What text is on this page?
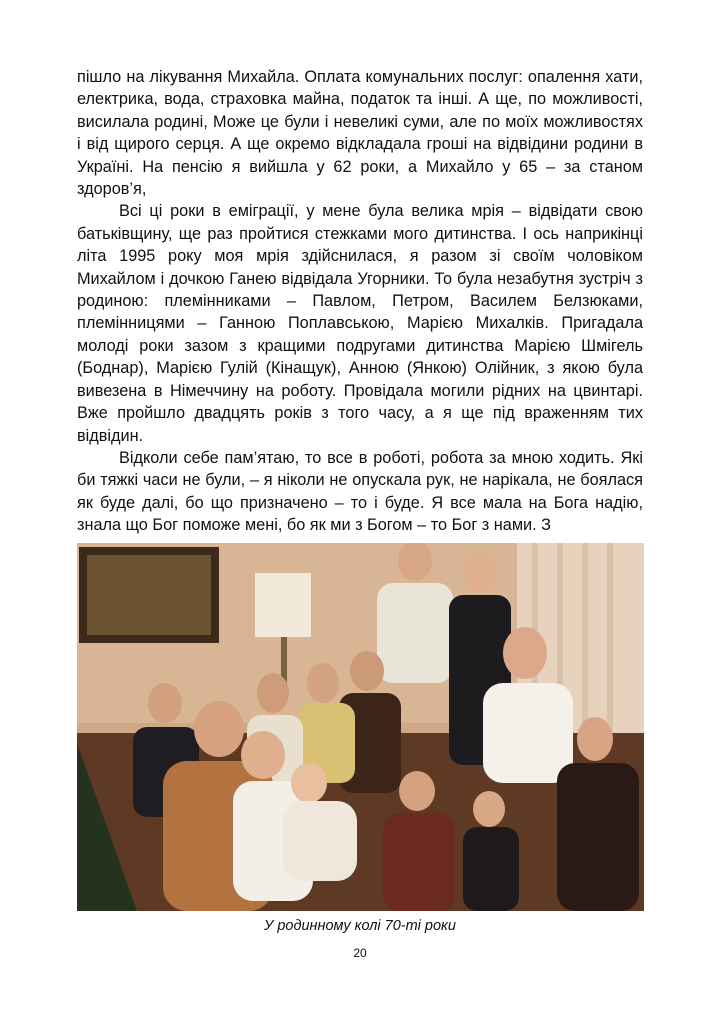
пішло на лікування Михайла. Оплата комунальних послуг: опалення хати, електрика, вода, страховка майна, податок та інші. А ще, по можливості, висилала родині, Може це були і невеликі суми, але по моїх можливостях і від щирого серця. А ще окремо відкладала гроші на відвідини родини в Україні. На пенсію я вийшла у 62 роки, а Михайло у 65 – за станом здоров’я,

Всі ці роки в еміграції, у мене була велика мрія – відвідати свою батьківщину, ще раз пройтися стежками мого дитинства. І ось наприкінці літа 1995 року моя мрія здійснилася, я разом зі своїм чоловіком Михайлом і дочкою Ганею відвідала Угорники. То була незабутня зустріч з родиною: племінниками – Павлом, Петром, Василем Белзюками, племінницями – Ганною Поплавською, Марією Михалків. Пригадала молоді роки зазом з кращими подругами дитинства Марією Шмігель (Боднар), Марією Гулій (Кінащук), Анною (Янкою) Олійник, з якою була вивезена в Німеччину на роботу. Провідала могили рідних на цвинтарі. Вже пройшло двадцять років з того часу, а я ще під враженням тих відвідин.

Відколи себе пам’ятаю, то все в роботі, робота за мною ходить. Які би тяжкі часи не були, – я ніколи не опускала рук, не нарікала, не боялася як буде далі, бо що призначено – то і буде. Я все мала на Бога надію, знала що Бог поможе мені, бо як ми з Богом – то Бог з нами. З

У родинному колі 70-ті роки
20
